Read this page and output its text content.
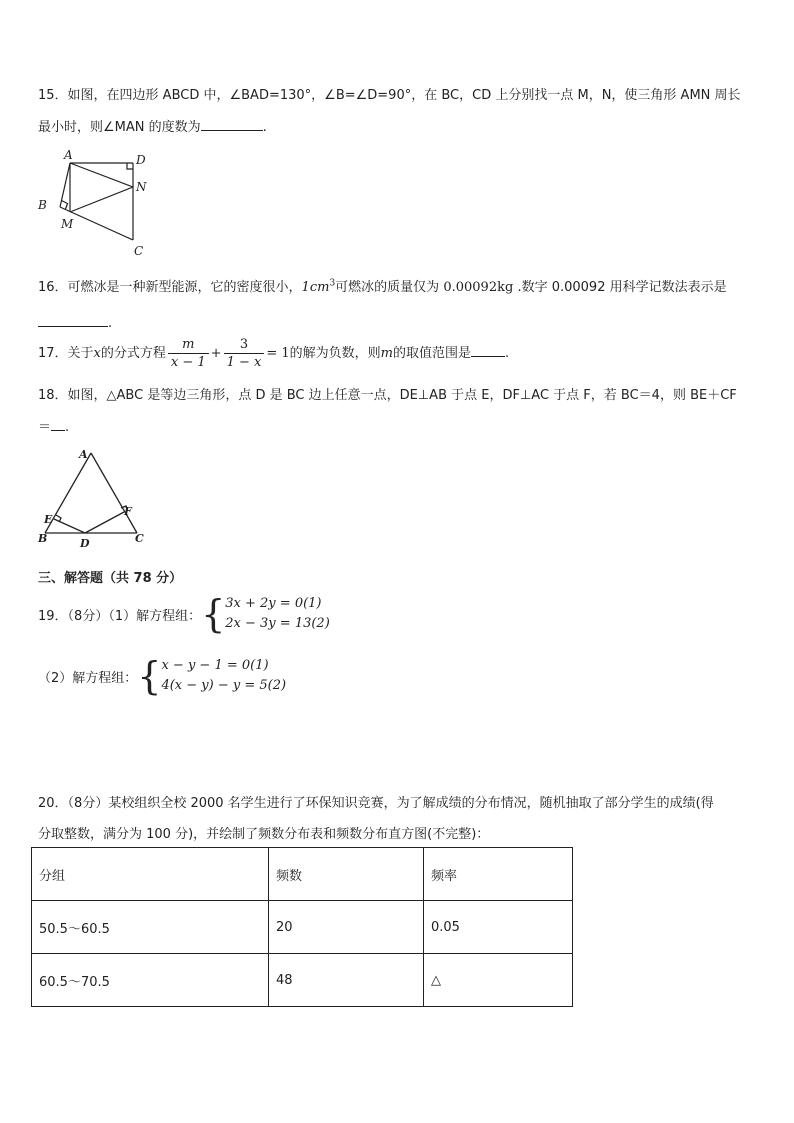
15．如图，在四边形 ABCD 中，∠BAD=130°，∠B=∠D=90°，在 BC，CD 上分别找一点 M，N，使三角形 AMN 周长
最小时，则∠MAN 的度数为	.
A	D
N
B
M
C
16．可燃冰是一种新型能源，它的密度很小，$1cm^3$可燃冰的质量仅为 0.00092kg .数字 0.00092 用科学记数法表示是
.
17．关于x的分式方程 $\frac{m}{x - 1} + \frac{3}{1 - x} = 1$的解为负数，则m的取值范围是	.
18．如图，△ABC 是等边三角形，点 D 是 BC 边上任意一点，DE⊥AB 于点 E，DF⊥AC 于点 F，若 BC＝4，则 BE＋CF
＝ .
A
E
F
B	D	C
三、解答题（共 78 分）
19．（8分）（1）解方程组： { 3x + 2y = 0(1)
2x − 3y = 13(2)
（2）解方程组： { x − y − 1 = 0(1)
4(x − y) − y = 5(2)
20．（8分）某校组织全校 2000 名学生进行了环保知识竞赛，为了解成绩的分布情况，随机抽取了部分学生的成绩(得
分取整数，满分为 100 分)，并绘制了频数分布表和频数分布直方图(不完整)：
分组	频数	频率
50.5～60.5	20	0.05
60.5～70.5	48	△
